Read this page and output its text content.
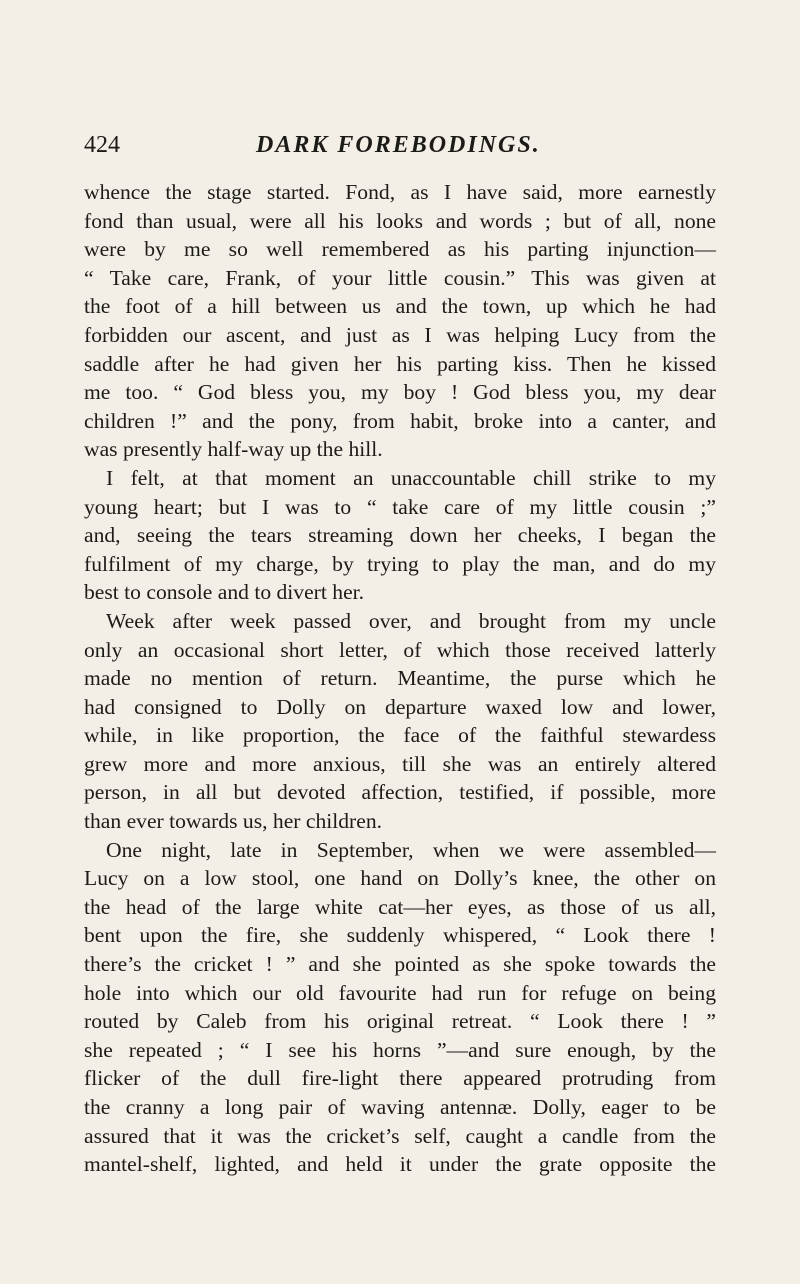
424	DARK FOREBODINGS.
whence the stage started. Fond, as I have said, more earnestly
fond than usual, were all his looks and words ; but of all, none
were by me so well remembered as his parting injunction—
“ Take care, Frank, of your little cousin.” This was given at
the foot of a hill between us and the town, up which he had
forbidden our ascent, and just as I was helping Lucy from the
saddle after he had given her his parting kiss. Then he kissed
me too. “ God bless you, my boy ! God bless you, my dear
children !” and the pony, from habit, broke into a canter, and
was presently half-way up the hill.
I felt, at that moment an unaccountable chill strike to my
young heart; but I was to “ take care of my little cousin ;”
and, seeing the tears streaming down her cheeks, I began the
fulfilment of my charge, by trying to play the man, and do my
best to console and to divert her.
Week after week passed over, and brought from my uncle
only an occasional short letter, of which those received latterly
made no mention of return. Meantime, the purse which he
had consigned to Dolly on departure waxed low and lower,
while, in like proportion, the face of the faithful stewardess
grew more and more anxious, till she was an entirely altered
person, in all but devoted affection, testified, if possible, more
than ever towards us, her children.
One night, late in September, when we were assembled—
Lucy on a low stool, one hand on Dolly’s knee, the other on
the head of the large white cat—her eyes, as those of us all,
bent upon the fire, she suddenly whispered, “ Look there !
there’s the cricket ! ” and she pointed as she spoke towards the
hole into which our old favourite had run for refuge on being
routed by Caleb from his original retreat. “ Look there ! ”
she repeated ; “ I see his horns ”—and sure enough, by the
flicker of the dull fire-light there appeared protruding from
the cranny a long pair of waving antennæ. Dolly, eager to be
assured that it was the cricket’s self, caught a candle from the
mantel-shelf, lighted, and held it under the grate opposite the
